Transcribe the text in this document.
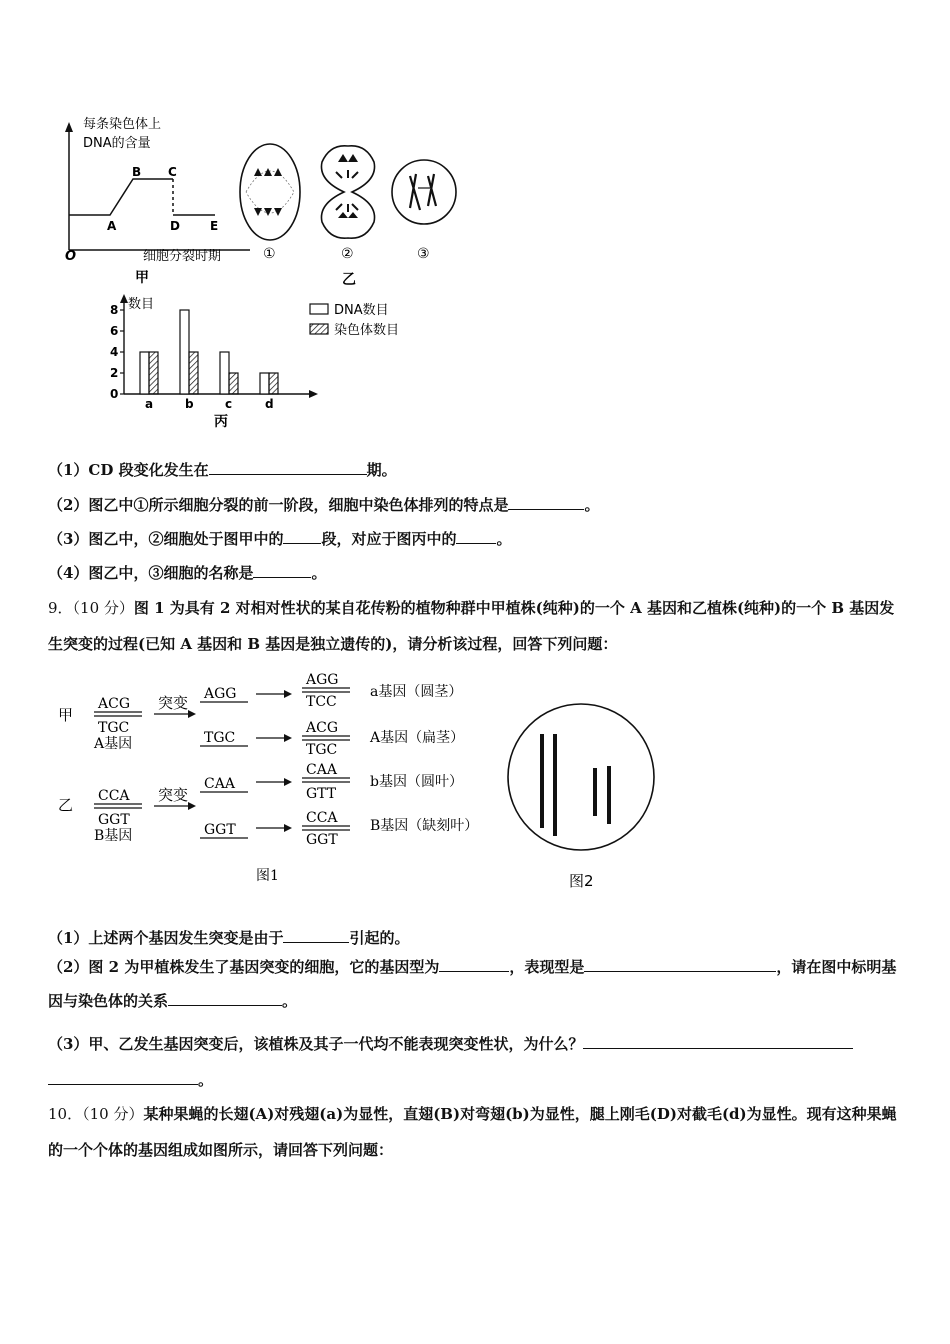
每条染色体上
DNA的含量
A
B C
D	E
O	细胞分裂时期
甲
①	②	③
乙
数目
0
2
4
6
8
a	b	c	d
丙
DNA数目
染色体数目
（1）CD 段变化发生在	期。
（2）图乙中①所示细胞分裂的前一阶段，细胞中染色体排列的特点是	。
（3）图乙中，②细胞处于图甲中的	段，对应于图丙中的	。
（4）图乙中，③细胞的名称是	。
9．（10 分）图 1 为具有 2 对相对性状的某自花传粉的植物种群中甲植株(纯种)的一个 A 基因和乙植株(纯种)的一个 B 基因发生突变的过程(已知 A 基因和 B 基因是独立遗传的)，请分析该过程，回答下列问题：
甲
乙
ACG
TGC
A基因
突变 AGG
TGC
AGG
TCC
a基因（圆茎）
ACG
TGC
A基因（扁茎）
CCA
GGT
B基因
突变
CAA
GGT
CAA
GTT
b基因（圆叶）
CCA
GGT
B基因（缺刻叶）
图1	图2
（1）上述两个基因发生突变是由于	引起的。
（2）图 2 为甲植株发生了基因突变的细胞，它的基因型为	，表现型是	，请在图中标明基因与染色体的关系	。
（3）甲、乙发生基因突变后，该植株及其子一代均不能表现突变性状，为什么？
。
10．（10 分）某种果蝇的长翅(A)对残翅(a)为显性，直翅(B)对弯翅(b)为显性，腿上刚毛(D)对截毛(d)为显性。现有这种果蝇的一个个体的基因组成如图所示，请回答下列问题：
